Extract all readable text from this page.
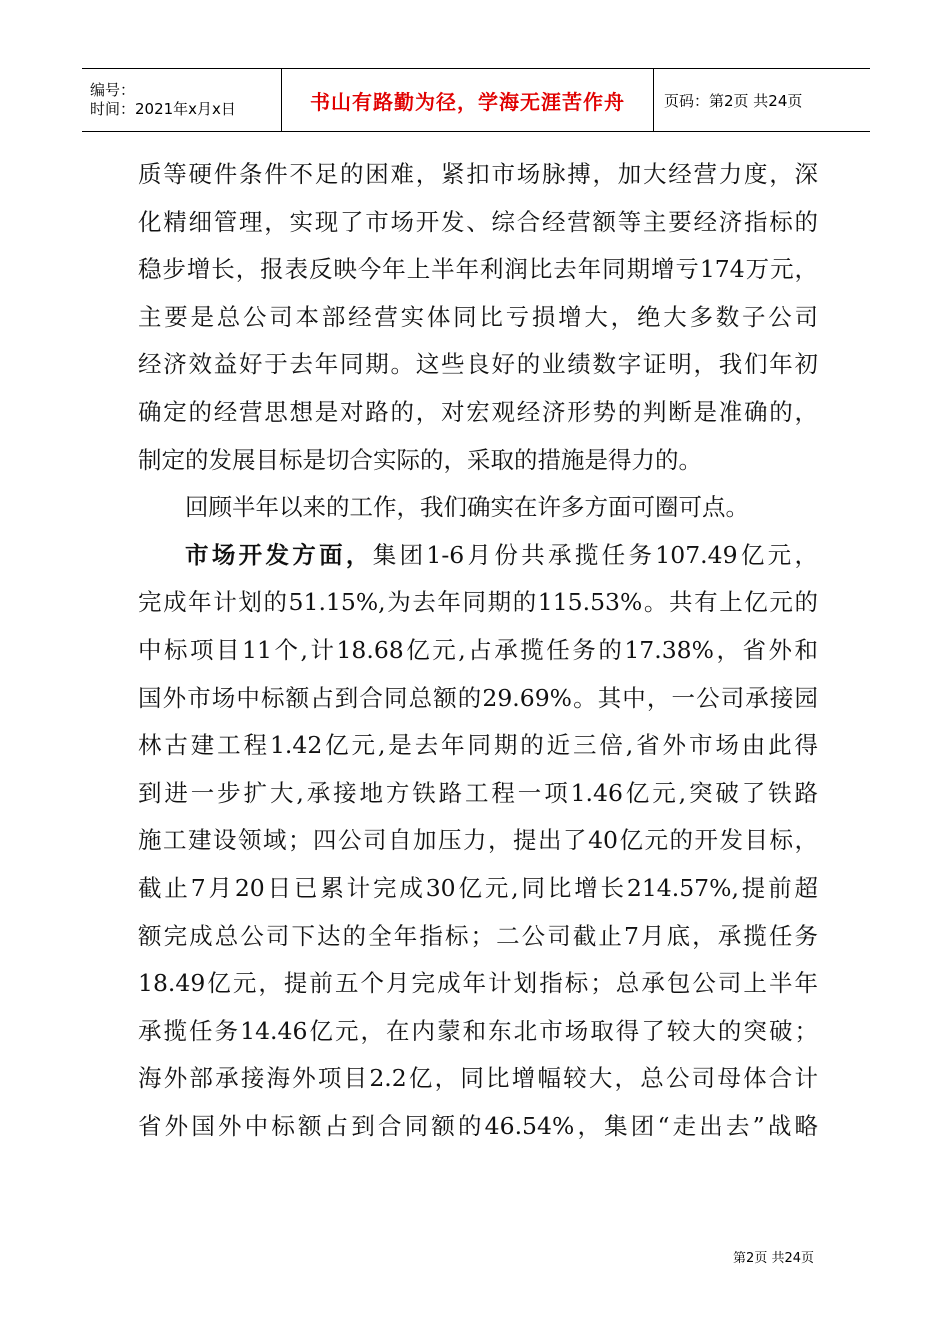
编号：
时间：2021年x月x日	书山有路勤为径，学海无涯苦作舟	页码：第2页 共24页
质等硬件条件不足的困难，紧扣市场脉搏，加大经营力度，深
化精细管理，实现了市场开发、综合经营额等主要经济指标的
稳步增长，报表反映今年上半年利润比去年同期增亏174万元，
主要是总公司本部经营实体同比亏损增大，绝大多数子公司
经济效益好于去年同期。这些良好的业绩数字证明，我们年初
确定的经营思想是对路的，对宏观经济形势的判断是准确的，
制定的发展目标是切合实际的，采取的措施是得力的。
回顾半年以来的工作，我们确实在许多方面可圈可点。
市场开发方面，集团1-6月份共承揽任务107.49亿元，
完成年计划的51.15%,为去年同期的115.53%。共有上亿元的
中标项目11个,计18.68亿元,占承揽任务的17.38%，省外和
国外市场中标额占到合同总额的29.69%。其中，一公司承接园
林古建工程1.42亿元,是去年同期的近三倍,省外市场由此得
到进一步扩大,承接地方铁路工程一项1.46亿元,突破了铁路
施工建设领域；四公司自加压力，提出了40亿元的开发目标，
截止7月20日已累计完成30亿元,同比增长214.57%,提前超
额完成总公司下达的全年指标；二公司截止7月底，承揽任务
18.49亿元，提前五个月完成年计划指标；总承包公司上半年
承揽任务14.46亿元，在内蒙和东北市场取得了较大的突破；
海外部承接海外项目2.2亿，同比增幅较大，总公司母体合计
省外国外中标额占到合同额的46.54%，集团“走出去”战略
第2页 共24页
